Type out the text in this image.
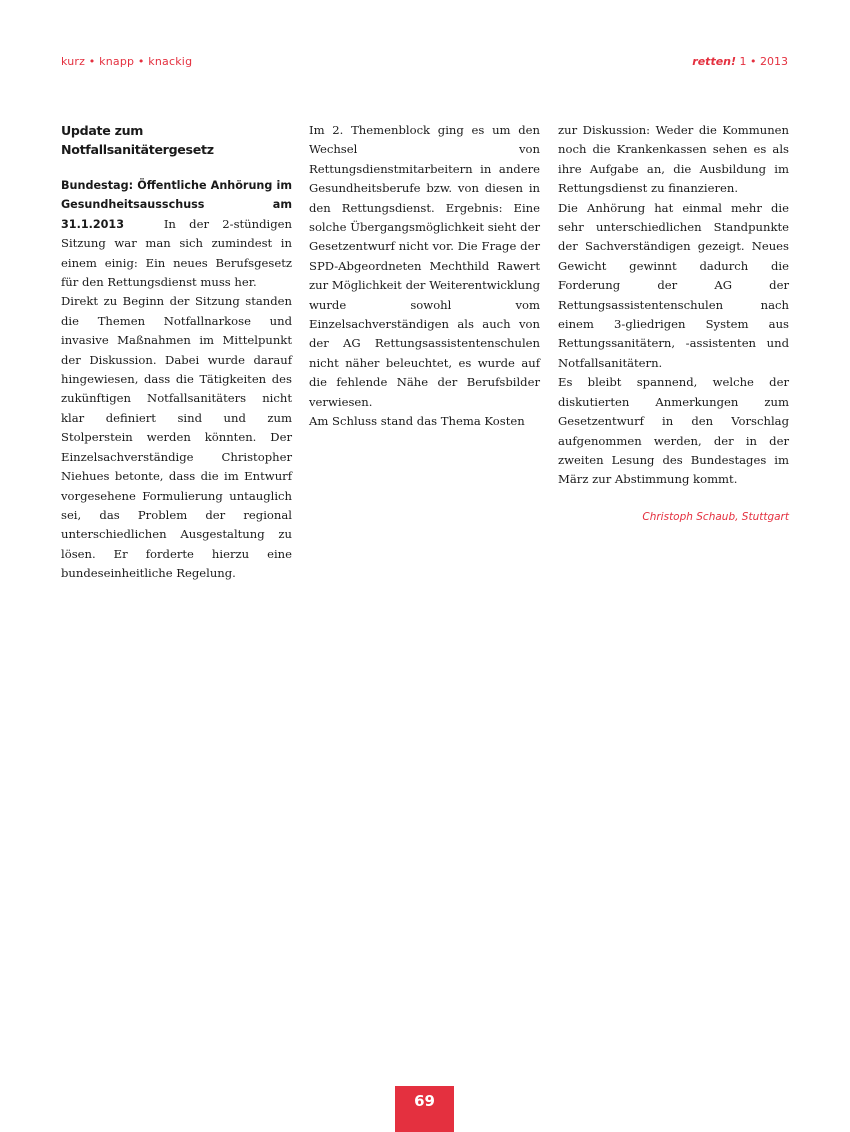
kurz • knapp • knackig	retten! 1 • 2013
Update zum Notfallsanitätergesetz

Bundestag: Öffentliche Anhörung im Gesundheitsausschuss am 31.1.2013	In der 2-stündigen Sitzung war man sich zumindest in einem einig: Ein neues Berufsgesetz für den Rettungsdienst muss her.

Direkt zu Beginn der Sitzung standen die Themen Notfallnarkose und invasive Maßnahmen im Mittelpunkt der Diskussion. Dabei wurde darauf hingewiesen, dass die Tätigkeiten des zukünftigen Notfallsanitäters nicht klar definiert sind und zum Stolperstein werden könnten. Der Einzelsachverständige Christopher Niehues betonte, dass die im Entwurf vorgesehene Formulierung untauglich sei, das Problem der regional unterschiedlichen Ausgestaltung zu lösen. Er forderte hierzu eine bundeseinheitliche Regelung.

Im 2. Themenblock ging es um den Wechsel von Rettungsdienstmitarbeitern in andere Gesundheitsberufe bzw. von diesen in den Rettungsdienst. Ergebnis: Eine solche Übergangsmöglichkeit sieht der Gesetzentwurf nicht vor. Die Frage der SPD-Abgeordneten Mechthild Rawert zur Möglichkeit der Weiterentwicklung wurde sowohl vom Einzelsachverständigen als auch von der AG Rettungsassistentenschulen nicht näher beleuchtet, es wurde auf die fehlende Nähe der Berufsbilder verwiesen.

Am Schluss stand das Thema Kosten

zur Diskussion: Weder die Kommunen noch die Krankenkassen sehen es als ihre Aufgabe an, die Ausbildung im Rettungsdienst zu finanzieren.

Die Anhörung hat einmal mehr die sehr unterschiedlichen Standpunkte der Sachverständigen gezeigt. Neues Gewicht gewinnt dadurch die Forderung der AG der Rettungsassistentenschulen nach einem 3-gliedrigen System aus Rettungssanitätern, -assistenten und Notfallsanitätern.

Es bleibt spannend, welche der diskutierten Anmerkungen zum Gesetzentwurf in den Vorschlag aufgenommen werden, der in der zweiten Lesung des Bundestages im März zur Abstimmung kommt.

Christoph Schaub, Stuttgart
69
